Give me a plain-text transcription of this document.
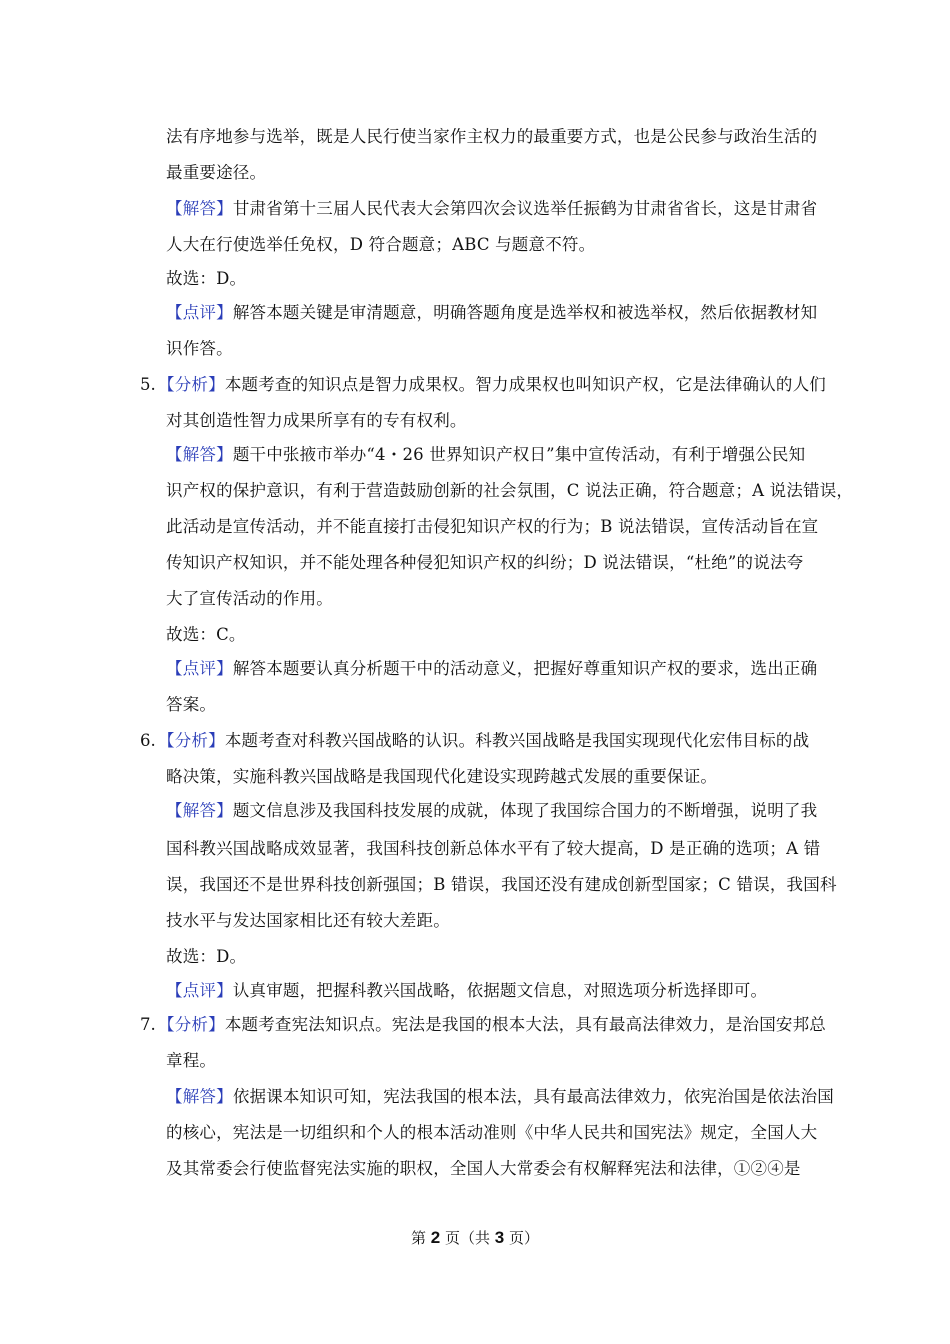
法有序地参与选举，既是人民行使当家作主权力的最重要方式，也是公民参与政治生活的
最重要途径。
【解答】甘肃省第十三届人民代表大会第四次会议选举任振鹤为甘肃省省长，这是甘肃省
人大在行使选举任免权，D 符合题意；ABC 与题意不符。
故选：D。
【点评】解答本题关键是审清题意，明确答题角度是选举权和被选举权，然后依据教材知
识作答。
5. 【分析】本题考查的知识点是智力成果权。智力成果权也叫知识产权，它是法律确认的人们
对其创造性智力成果所享有的专有权利。
【解答】题干中张掖市举办“4・26 世界知识产权日”集中宣传活动，有利于增强公民知
识产权的保护意识，有利于营造鼓励创新的社会氛围，C 说法正确，符合题意；A 说法错误，
此活动是宣传活动，并不能直接打击侵犯知识产权的行为；B 说法错误，宣传活动旨在宣
传知识产权知识，并不能处理各种侵犯知识产权的纠纷；D 说法错误，“杜绝”的说法夸
大了宣传活动的作用。
故选：C。
【点评】解答本题要认真分析题干中的活动意义，把握好尊重知识产权的要求，选出正确
答案。
6. 【分析】本题考查对科教兴国战略的认识。科教兴国战略是我国实现现代化宏伟目标的战
略决策，实施科教兴国战略是我国现代化建设实现跨越式发展的重要保证。
【解答】题文信息涉及我国科技发展的成就，体现了我国综合国力的不断增强，说明了我
国科教兴国战略成效显著，我国科技创新总体水平有了较大提高，D 是正确的选项；A 错
误，我国还不是世界科技创新强国；B 错误，我国还没有建成创新型国家；C 错误，我国科
技水平与发达国家相比还有较大差距。
故选：D。
【点评】认真审题，把握科教兴国战略，依据题文信息，对照选项分析选择即可。
7. 【分析】本题考查宪法知识点。宪法是我国的根本大法，具有最高法律效力，是治国安邦总
章程。
【解答】依据课本知识可知，宪法我国的根本法，具有最高法律效力，依宪治国是依法治国
的核心，宪法是一切组织和个人的根本活动准则《中华人民共和国宪法》规定，全国人大
及其常委会行使监督宪法实施的职权，全国人大常委会有权解释宪法和法律，①②④是
第 2 页（共 3 页）
